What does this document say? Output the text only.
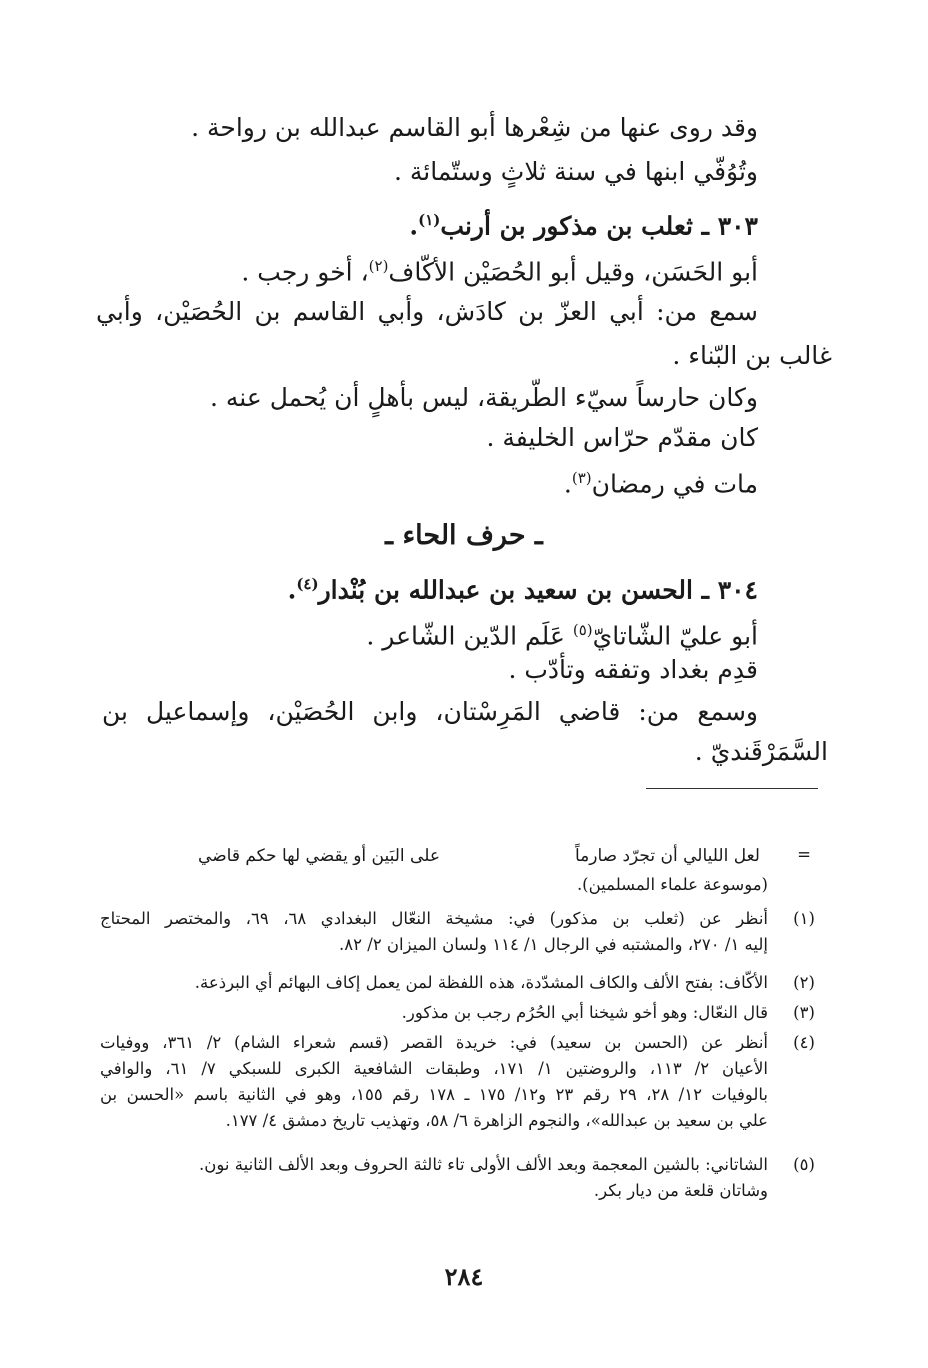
وقد روى عنها من شِعْرها أبو القاسم عبدالله بن رواحة .
وتُوُفّي ابنها في سنة ثلاثٍ وستّمائة .
٣٠٣ ـ ثعلب بن مذكور بن أرنب$^{(١)}$.
أبو الحَسَن، وقيل أبو الحُصَيْن الأكّاف$^{(٢)}$، أخو رجب .
سمع من: أبي العزّ بن كادَش، وأبي القاسم بن الحُصَيْن، وأبي
غالب بن البّناء .
وكان حارساً سيّء الطّريقة، ليس بأهلٍ أن يُحمل عنه .
كان مقدّم حرّاس الخليفة .
مات في رمضان$^{(٣)}$.
ـ حرف الحاء ـ
٣٠٤ ـ الحسن بن سعيد بن عبدالله بن بُنْدار$^{(٤)}$.
أبو عليّ الشّاتايّ$^{(٥)}$ عَلَم الدّين الشّاعر .
قدِم بغداد وتفقه وتأدّب .
وسمع من: قاضي المَرِسْتان، وابن الحُصَيْن، وإسماعيل بن
السَّمَرْقَنديّ .
=
لعل الليالي أن تجرّد صارماً
على البَين أو يقضي لها حكم قاضي
(موسوعة علماء المسلمين).
(١)
أنظر عن (ثعلب بن مذكور) في: مشيخة النعّال البغدادي ٦٨، ٦٩، والمختصر المحتاج
إليه ١/ ٢٧٠، والمشتبه في الرجال ١/ ١١٤ ولسان الميزان ٢/ ٨٢.
(٢)
الأكّاف: بفتح الألف والكاف المشدّدة، هذه اللفظة لمن يعمل إكاف البهائم أي البرذعة.
(٣)
قال النعّال: وهو أخو شيخنا أبي الحُرُم رجب بن مذكور.
(٤)
أنظر عن (الحسن بن سعيد) في: خريدة القصر (قسم شعراء الشام) ٢/ ٣٦١، ووفيات
الأعيان ٢/ ١١٣، والروضتين ١/ ١٧١، وطبقات الشافعية الكبرى للسبكي ٧/ ٦١، والوافي
بالوفيات ١٢/ ٢٨، ٢٩ رقم ٢٣ و١٢/ ١٧٥ ـ ١٧٨ رقم ١٥٥، وهو في الثانية باسم «الحسن بن
علي بن سعيد بن عبدالله»، والنجوم الزاهرة ٦/ ٥٨، وتهذيب تاريخ دمشق ٤/ ١٧٧.
(٥)
الشاتاني: بالشين المعجمة وبعد الألف الأولى تاء ثالثة الحروف وبعد الألف الثانية نون.
وشاتان قلعة من ديار بكر.
٢٨٤
